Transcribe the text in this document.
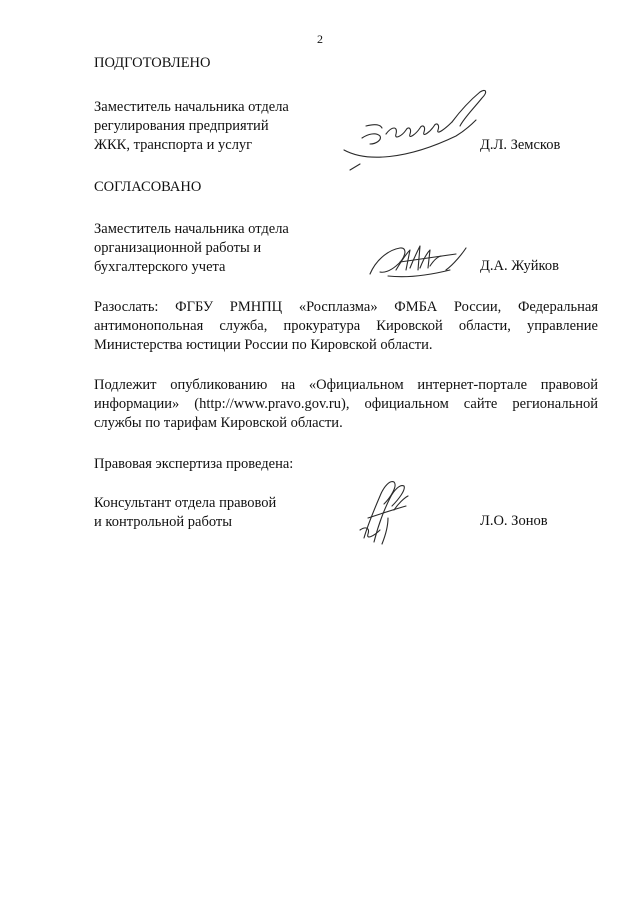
2
ПОДГОТОВЛЕНО
Заместитель начальника отдела
регулирования предприятий
ЖКК, транспорта и услуг	Д.Л. Земсков
СОГЛАСОВАНО
Заместитель начальника отдела
организационной работы и
бухгалтерского учета	Д.А. Жуйков
Разослать: ФГБУ РМНПЦ «Росплазма» ФМБА России, Федеральная
антимонопольная служба, прокуратура Кировской области, управление
Министерства юстиции России по Кировской области.
Подлежит опубликованию на «Официальном интернет-портале правовой
информации» (http://www.pravo.gov.ru), официальном сайте региональной
службы по тарифам Кировской области.
Правовая экспертиза проведена:
Консультант отдела правовой
и контрольной работы	Л.О. Зонов
